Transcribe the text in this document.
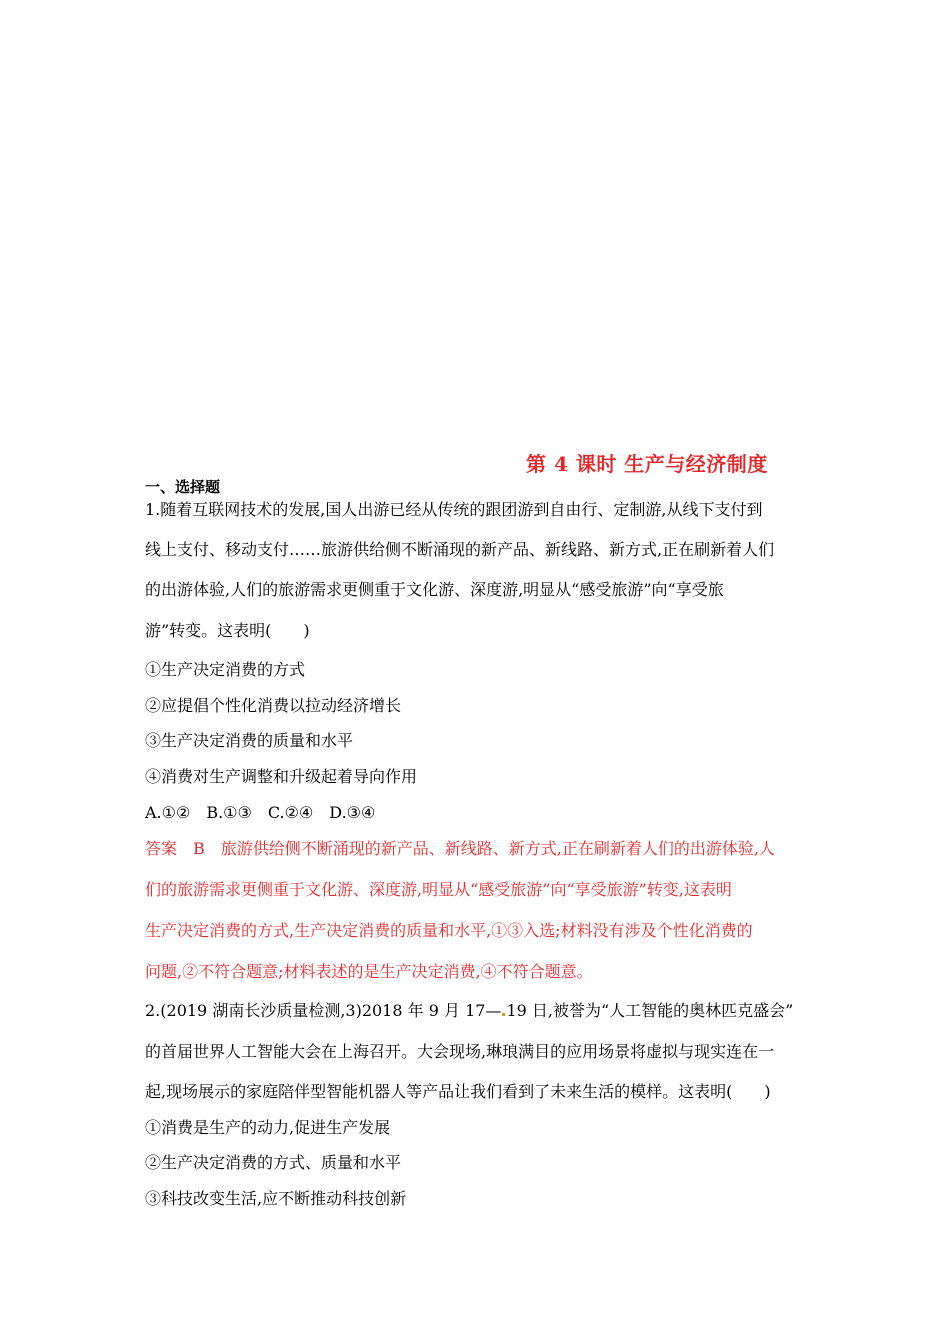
第 4 课时 生产与经济制度
一、选择题
1.随着互联网技术的发展,国人出游已经从传统的跟团游到自由行、定制游,从线下支付到
线上支付、移动支付……旅游供给侧不断涌现的新产品、新线路、新方式,正在刷新着人们
的出游体验,人们的旅游需求更侧重于文化游、深度游,明显从“感受旅游”向“享受旅
游”转变。这表明(　　)
①生产决定消费的方式
②应提倡个性化消费以拉动经济增长
③生产决定消费的质量和水平
④消费对生产调整和升级起着导向作用
A.①②　B.①③　C.②④　D.③④
答案　B　旅游供给侧不断涌现的新产品、新线路、新方式,正在刷新着人们的出游体验,人
们的旅游需求更侧重于文化游、深度游,明显从“感受旅游”向“享受旅游”转变,这表明
生产决定消费的方式,生产决定消费的质量和水平,①③入选;材料没有涉及个性化消费的
问题,②不符合题意;材料表述的是生产决定消费,④不符合题意。
2.(2019 湖南长沙质量检测,3)2018 年 9 月 17— 19 日,被誉为“人工智能的奥林匹克盛会”
的首届世界人工智能大会在上海召开。大会现场,琳琅满目的应用场景将虚拟与现实连在一
起,现场展示的家庭陪伴型智能机器人等产品让我们看到了未来生活的模样。这表明(　　)
①消费是生产的动力,促进生产发展
②生产决定消费的方式、质量和水平
③科技改变生活,应不断推动科技创新
